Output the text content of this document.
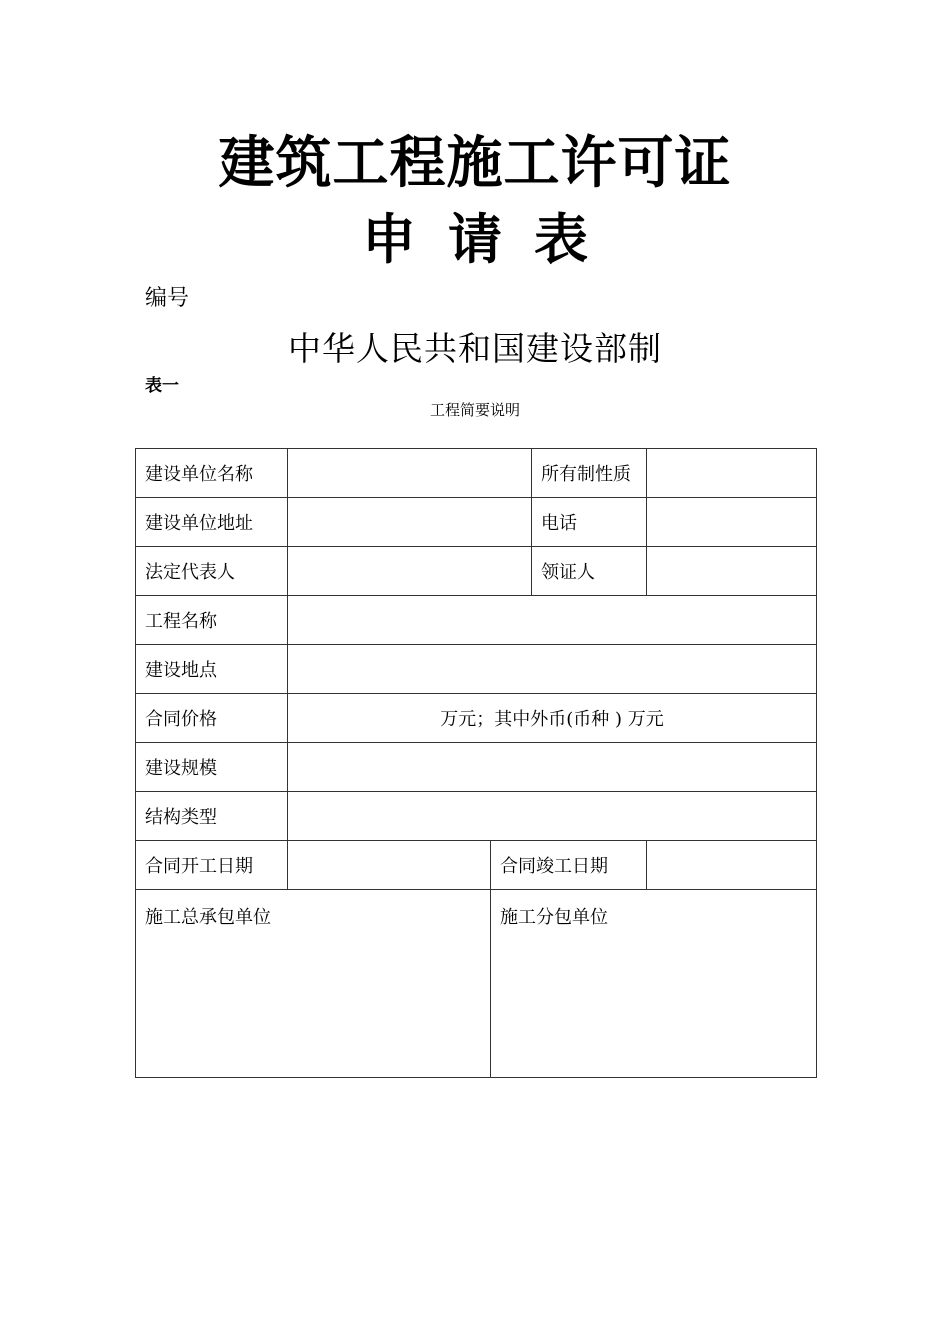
建筑工程施工许可证
申 请 表
编号
中华人民共和国建设部制
表一
工程简要说明
建设单位名称			所有制性质	
建设单位地址			电话	
法定代表人			领证人	
工程名称				
建设地点				
合同价格	万元；其中外币(币种 ) 万元			
建设规模				
结构类型				
合同开工日期		合同竣工日期		
施工总承包单位		施工分包单位		
